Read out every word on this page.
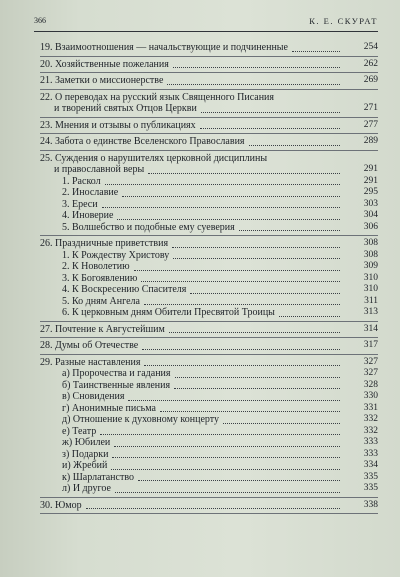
366	К. Е. СКУРАТ
19. Взаимоотношения — начальствующие и подчиненные	254
20. Хозяйственные пожелания	262
21. Заметки о миссионерстве	269
22. О переводах на русский язык Священного Писания
и творений святых Отцов Церкви	271
23. Мнения и отзывы о публикациях	277
24. Забота о единстве Вселенского Православия	289
25. Суждения о нарушителях церковной дисциплины
и православной веры	291
1. Раскол	291
2. Инославие	295
3. Ереси	303
4. Иноверие	304
5. Волшебство и подобные ему суеверия	306
26. Праздничные приветствия	308
1. К Рождеству Христову	308
2. К Новолетию	309
3. К Богоявлению	310
4. К Воскресению Спасителя	310
5. Ко дням Ангела	311
6. К церковным дням Обители Пресвятой Троицы	313
27. Почтение к Августейшим	314
28. Думы об Отечестве	317
29. Разные наставления	327
а) Пророчества и гадания	327
б) Таинственные явления	328
в) Сновидения	330
г) Анонимные письма	331
д) Отношение к духовному концерту	332
е) Театр	332
ж) Юбилеи	333
з) Подарки	333
и) Жребий	334
к) Шарлатанство	335
л) И другое	335
30. Юмор	338
